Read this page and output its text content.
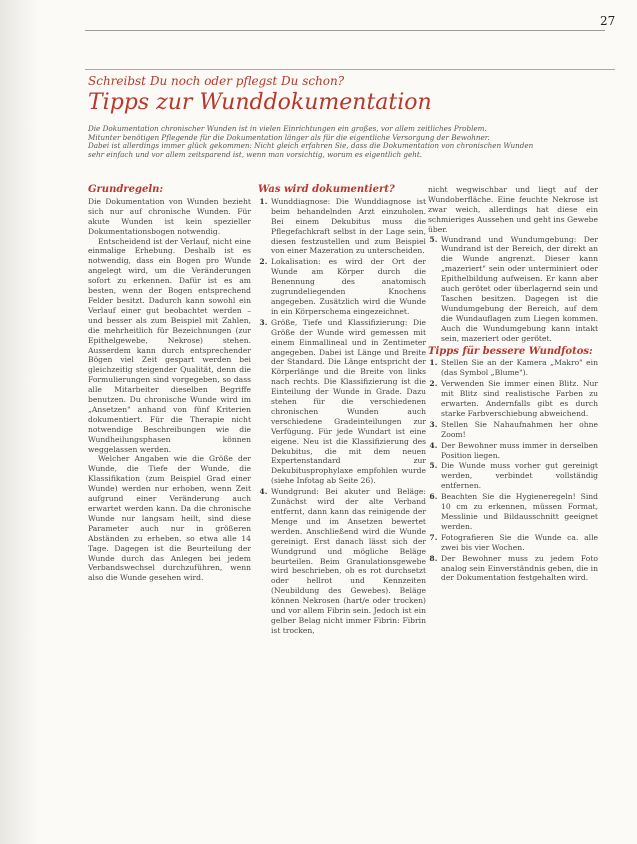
27
Schreibst Du noch oder pflegst Du schon?
Tipps zur Wunddokumentation

Die Dokumentation chronischer Wunden ist in vielen Einrichtungen ein großes, vor allem zeitliches Problem.

Mitunter benötigen Pflegende für die Dokumentation länger als für die eigentliche Versorgung der Bewohner.

Dabei ist allerdings immer glück gekommen: Nicht gleich erfahren Sie, dass die Dokumentation von chronischen Wunden

sehr einfach und vor allem zeitsparend ist, wenn man vorsichtig, worum es eigentlich geht.

Grundregeln:

Die Dokumentation von Wunden bezieht sich nur auf chronische Wunden. Für akute Wunden ist kein spezieller Dokumentationsbogen notwendig.

Entscheidend ist der Verlauf, nicht eine einmalige Erhebung. Deshalb ist es notwendig, dass ein Bogen pro Wunde angelegt wird, um die Veränderungen sofort zu erkennen. Dafür ist es am besten, wenn der Bogen entsprechend Felder besitzt. Dadurch kann sowohl ein Verlauf einer gut beobachtet werden – und besser als zum Beispiel mit Zahlen, die mehrheitlich für Bezeichnungen (zur Epithelgewebe, Nekrose) stehen. Ausserdem kann durch entsprechender Bögen viel Zeit gespart werden bei gleichzeitig steigender Qualität, denn die Formulierungen sind vorgegeben, so dass alle Mitarbeiter dieselben Begriffe benutzen. Du chronische Wunde wird im „Ansetzen" anhand von fünf Kriterien dokumentiert. Für die Therapie nicht notwendige Beschreibungen wie die Wundheilungsphasen können weggelassen werden.

Welcher Angaben wie die Größe der Wunde, die Tiefe der Wunde, die Klassifikation (zum Beispiel Grad einer Wunde) werden nur erhoben, wenn Zeit aufgrund einer Veränderung auch erwartet werden kann. Da die chronische Wunde nur langsam heilt, sind diese Parameter auch nur in größeren Abständen zu erheben, so etwa alle 14 Tage. Dagegen ist die Beurteilung der Wunde durch das Anlegen bei jedem Verbandswechsel durchzuführen, wenn also die Wunde gesehen wird.

Was wird dokumentiert?
1. Wunddiagnose: Die Wunddiagnose ist beim behandelnden Arzt einzuholen. Bei einem Dekubitus muss die Pflegefachkraft selbst in der Lage sein, diesen festzustellen und zum Beispiel von einer Mazeration zu unterscheiden.
2. Lokalisation: es wird der Ort der Wunde am Körper durch die Benennung des anatomisch zugrundeliegenden Knochens angegeben. Zusätzlich wird die Wunde in ein Körperschema eingezeichnet.
3. Größe, Tiefe und Klassifizierung: Die Größe der Wunde wird gemessen mit einem Einmallineal und in Zentimeter angegeben. Dabei ist Länge und Breite der Standard. Die Länge entspricht der Körperlänge und die Breite von links nach rechts. Die Klassifizierung ist die Einteilung der Wunde in Grade. Dazu stehen für die verschiedenen chronischen Wunden auch verschiedene Gradeinteilungen zur Verfügung. Für jede Wundart ist eine eigene. Neu ist die Klassifizierung des Dekubitus, die mit dem neuen Expertenstandard zur Dekubitusprophylaxe empfohlen wurde (siehe Infotag ab Seite 26).
4. Wundgrund: Bei akuter und Beläge: Zunächst wird der alte Verband entfernt, dann kann das reinigende der Menge und im Ansetzen bewertet werden. Anschließend wird die Wunde gereinigt. Erst danach lässt sich der Wundgrund und mögliche Beläge beurteilen. Beim Granulationsgewebe wird beschrieben, ob es rot durchsetzt oder hellrot und Kennzeiten (Neubildung des Gewebes). Beläge können Nekrosen (hart/e oder trocken) und vor allem Fibrin sein. Jedoch ist ein gelber Belag nicht immer Fibrin: Fibrin ist trocken,

nicht wegwischbar und liegt auf der Wundoberfläche. Eine feuchte Nekrose ist zwar weich, allerdings hat diese ein schmieriges Aussehen und geht ins Gewebe über.

5. Wundrand und Wundumgebung: Der Wundrand ist der Bereich, der direkt an die Wunde angrenzt. Dieser kann „mazeriert" sein oder unterminiert oder Epithelbildung aufweisen. Er kann aber auch gerötet oder überlagernd sein und Taschen besitzen. Dagegen ist die Wundumgebung der Bereich, auf dem die Wundauflagen zum Liegen kommen. Auch die Wundumgebung kann intakt sein, mazeriert oder gerötet.
Tipps für bessere Wundfotos:
1. Stellen Sie an der Kamera „Makro" ein (das Symbol „Blume").
2. Verwenden Sie immer einen Blitz. Nur mit Blitz sind realistische Farben zu erwarten. Andernfalls gibt es durch starke Farbverschiebung abweichend.
3. Stellen Sie Nahaufnahmen her ohne Zoom!
4. Der Bewohner muss immer in derselben Position liegen.
5. Die Wunde muss vorher gut gereinigt werden, verbindet vollständig entfernen.
6. Beachten Sie die Hygieneregeln! Sind 10 cm zu erkennen, müssen Format, Messlinie und Bildausschnitt geeignet werden.
7. Fotografieren Sie die Wunde ca. alle zwei bis vier Wochen.
8. Der Bewohner muss zu jedem Foto analog sein Einverständnis geben, die in der Dokumentation festgehalten wird.
